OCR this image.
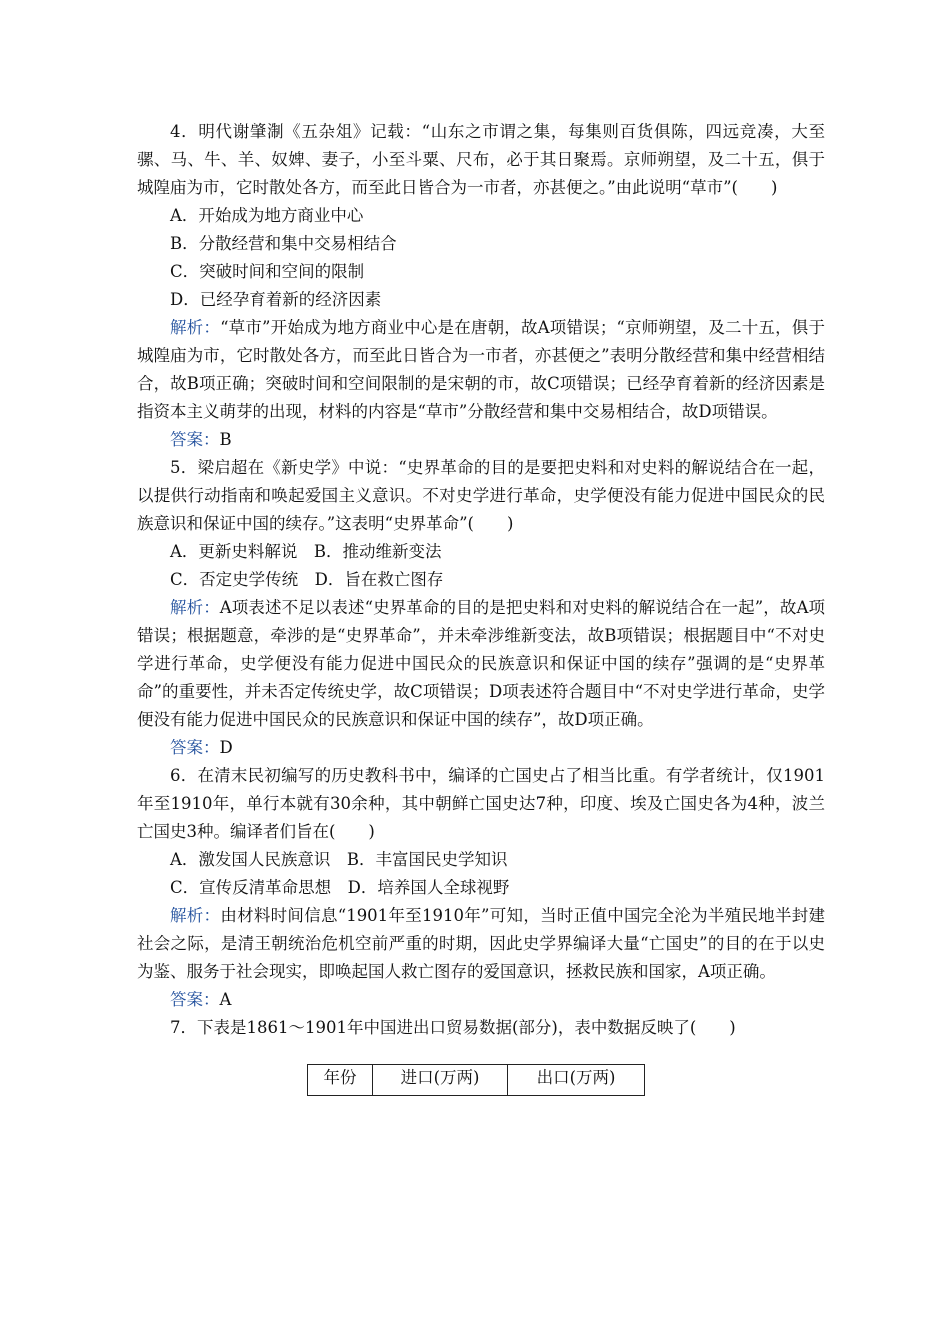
4．明代谢肇淛《五杂俎》记载：“山东之市谓之集，每集则百货俱陈，四远竞凑，大至骡、马、牛、羊、奴婢、妻子，小至斗粟、尺布，必于其日聚焉。京师朔望，及二十五，俱于城隍庙为市，它时散处各方，而至此日皆合为一市者，亦甚便之。”由此说明“草市”(　　)

A．开始成为地方商业中心

B．分散经营和集中交易相结合

C．突破时间和空间的限制

D．已经孕育着新的经济因素

解析：“草市”开始成为地方商业中心是在唐朝，故A项错误；“京师朔望，及二十五，俱于城隍庙为市，它时散处各方，而至此日皆合为一市者，亦甚便之”表明分散经营和集中经营相结合，故B项正确；突破时间和空间限制的是宋朝的市，故C项错误；已经孕育着新的经济因素是指资本主义萌芽的出现，材料的内容是“草市”分散经营和集中交易相结合，故D项错误。

答案：B

5．梁启超在《新史学》中说：“史界革命的目的是要把史料和对史料的解说结合在一起，以提供行动指南和唤起爱国主义意识。不对史学进行革命，史学便没有能力促进中国民众的民族意识和保证中国的续存。”这表明“史界革命”(　　)

A．更新史料解说　B．推动维新变法

C．否定史学传统　D．旨在救亡图存

解析：A项表述不足以表述“史界革命的目的是把史料和对史料的解说结合在一起”，故A项错误；根据题意，牵涉的是“史界革命”，并未牵涉维新变法，故B项错误；根据题目中“不对史学进行革命，史学便没有能力促进中国民众的民族意识和保证中国的续存”强调的是“史界革命”的重要性，并未否定传统史学，故C项错误；D项表述符合题目中“不对史学进行革命，史学便没有能力促进中国民众的民族意识和保证中国的续存”，故D项正确。

答案：D

6．在清末民初编写的历史教科书中，编译的亡国史占了相当比重。有学者统计，仅1901年至1910年，单行本就有30余种，其中朝鲜亡国史达7种，印度、埃及亡国史各为4种，波兰亡国史3种。编译者们旨在(　　)

A．激发国人民族意识　B．丰富国民史学知识

C．宣传反清革命思想　D．培养国人全球视野

解析：由材料时间信息“1901年至1910年”可知，当时正值中国完全沦为半殖民地半封建社会之际，是清王朝统治危机空前严重的时期，因此史学界编译大量“亡国史”的目的在于以史为鉴、服务于社会现实，即唤起国人救亡图存的爱国意识，拯救民族和国家，A项正确。

答案：A

7．下表是1861～1901年中国进出口贸易数据(部分)，表中数据反映了(　　)

年份	进口(万两)	出口(万两)
